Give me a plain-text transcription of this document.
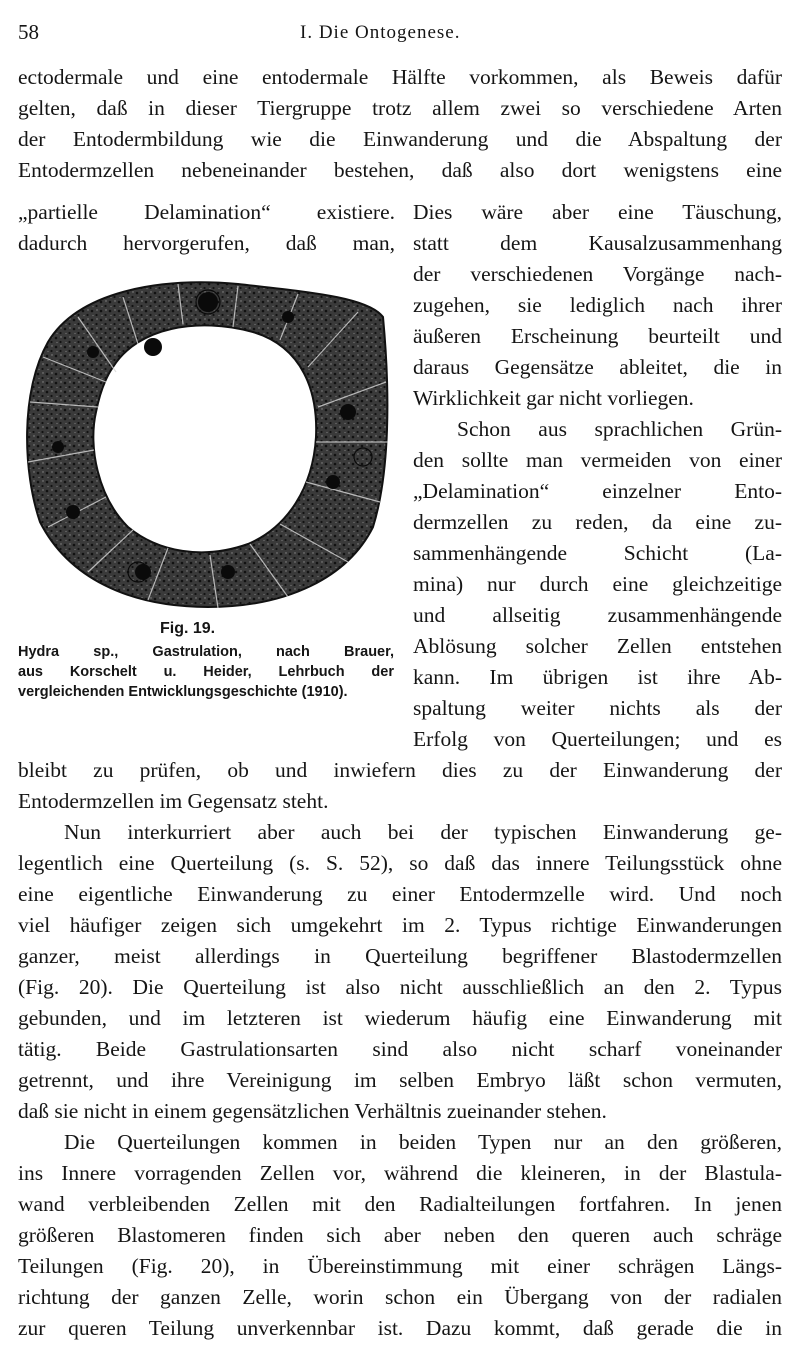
58	I. Die Ontogenese.
ectodermale und eine entodermale Hälfte vorkommen, als Beweis dafür
gelten, daß in dieser Tiergruppe trotz allem zwei so verschiedene Arten
der Entodermbildung wie die Einwanderung und die Abspaltung der
Entodermzellen nebeneinander bestehen, daß also dort wenigstens eine
„partielle Delamination“ existiere.
dadurch hervorgerufen, daß man,
Dies wäre aber eine Täuschung,
statt dem Kausalzusammenhang
der verschiedenen Vorgänge nach-
zugehen, sie lediglich nach ihrer
äußeren Erscheinung beurteilt und
daraus Gegensätze ableitet, die in
Wirklichkeit gar nicht vorliegen.
Schon aus sprachlichen Grün-
den sollte man vermeiden von einer
„Delamination“ einzelner Ento-
dermzellen zu reden, da eine zu-
sammenhängende Schicht (La-
mina) nur durch eine gleichzeitige
und allseitig zusammenhängende
Ablösung solcher Zellen entstehen
kann. Im übrigen ist ihre Ab-
spaltung weiter nichts als der
Erfolg von Querteilungen; und es
Fig. 19.
Hydra sp., Gastrulation, nach Brauer,
aus Korschelt u. Heider, Lehrbuch der
vergleichenden Entwicklungsgeschichte (1910).
bleibt zu prüfen, ob und inwiefern dies zu der Einwanderung der
Entodermzellen im Gegensatz steht.
Nun interkurriert aber auch bei der typischen Einwanderung ge-
legentlich eine Querteilung (s. S. 52), so daß das innere Teilungsstück ohne
eine eigentliche Einwanderung zu einer Entodermzelle wird. Und noch
viel häufiger zeigen sich umgekehrt im 2. Typus richtige Einwanderungen
ganzer, meist allerdings in Querteilung begriffener Blastodermzellen
(Fig. 20). Die Querteilung ist also nicht ausschließlich an den 2. Typus
gebunden, und im letzteren ist wiederum häufig eine Einwanderung mit
tätig. Beide Gastrulationsarten sind also nicht scharf voneinander
getrennt, und ihre Vereinigung im selben Embryo läßt schon vermuten,
daß sie nicht in einem gegensätzlichen Verhältnis zueinander stehen.
Die Querteilungen kommen in beiden Typen nur an den größeren,
ins Innere vorragenden Zellen vor, während die kleineren, in der Blastula-
wand verbleibenden Zellen mit den Radialteilungen fortfahren. In jenen
größeren Blastomeren finden sich aber neben den queren auch schräge
Teilungen (Fig. 20), in Übereinstimmung mit einer schrägen Längs-
richtung der ganzen Zelle, worin schon ein Übergang von der radialen
zur queren Teilung unverkennbar ist. Dazu kommt, daß gerade die in
